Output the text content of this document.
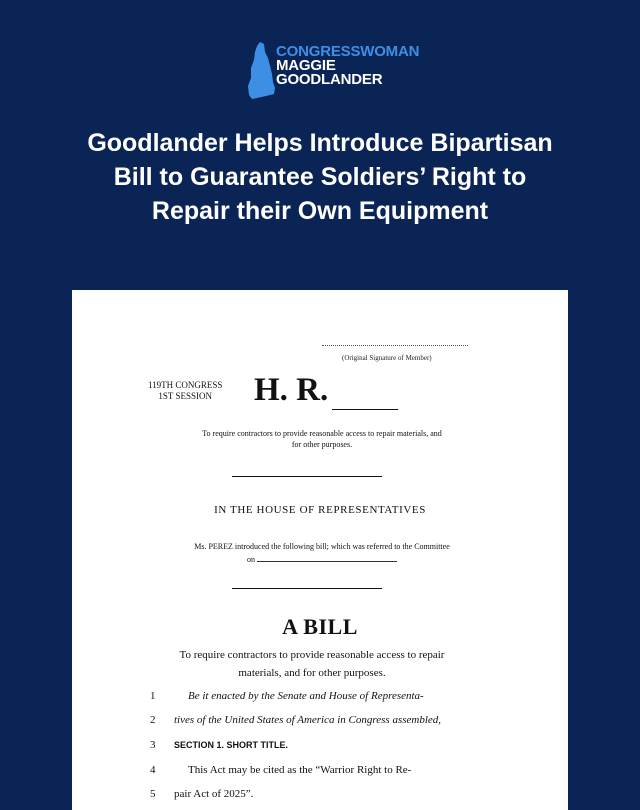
CONGRESSWOMAN
MAGGIE
GOODLANDER
Goodlander Helps Introduce Bipartisan
Bill to Guarantee Soldiers’ Right to
Repair their Own Equipment
(Original Signature of Member)
119TH CONGRESS
1ST SESSION	H. R.
To require contractors to provide reasonable access to repair materials, and
for other purposes.
IN THE HOUSE OF REPRESENTATIVES
Ms. PEREZ introduced the following bill; which was referred to the Committee
on
A BILL
To require contractors to provide reasonable access to repair
materials, and for other purposes.
1	Be it enacted by the Senate and House of Representa-
2 tives of the United States of America in Congress assembled,
3 SECTION 1. SHORT TITLE.
4	This Act may be cited as the “Warrior Right to Re-
5 pair Act of 2025”.
